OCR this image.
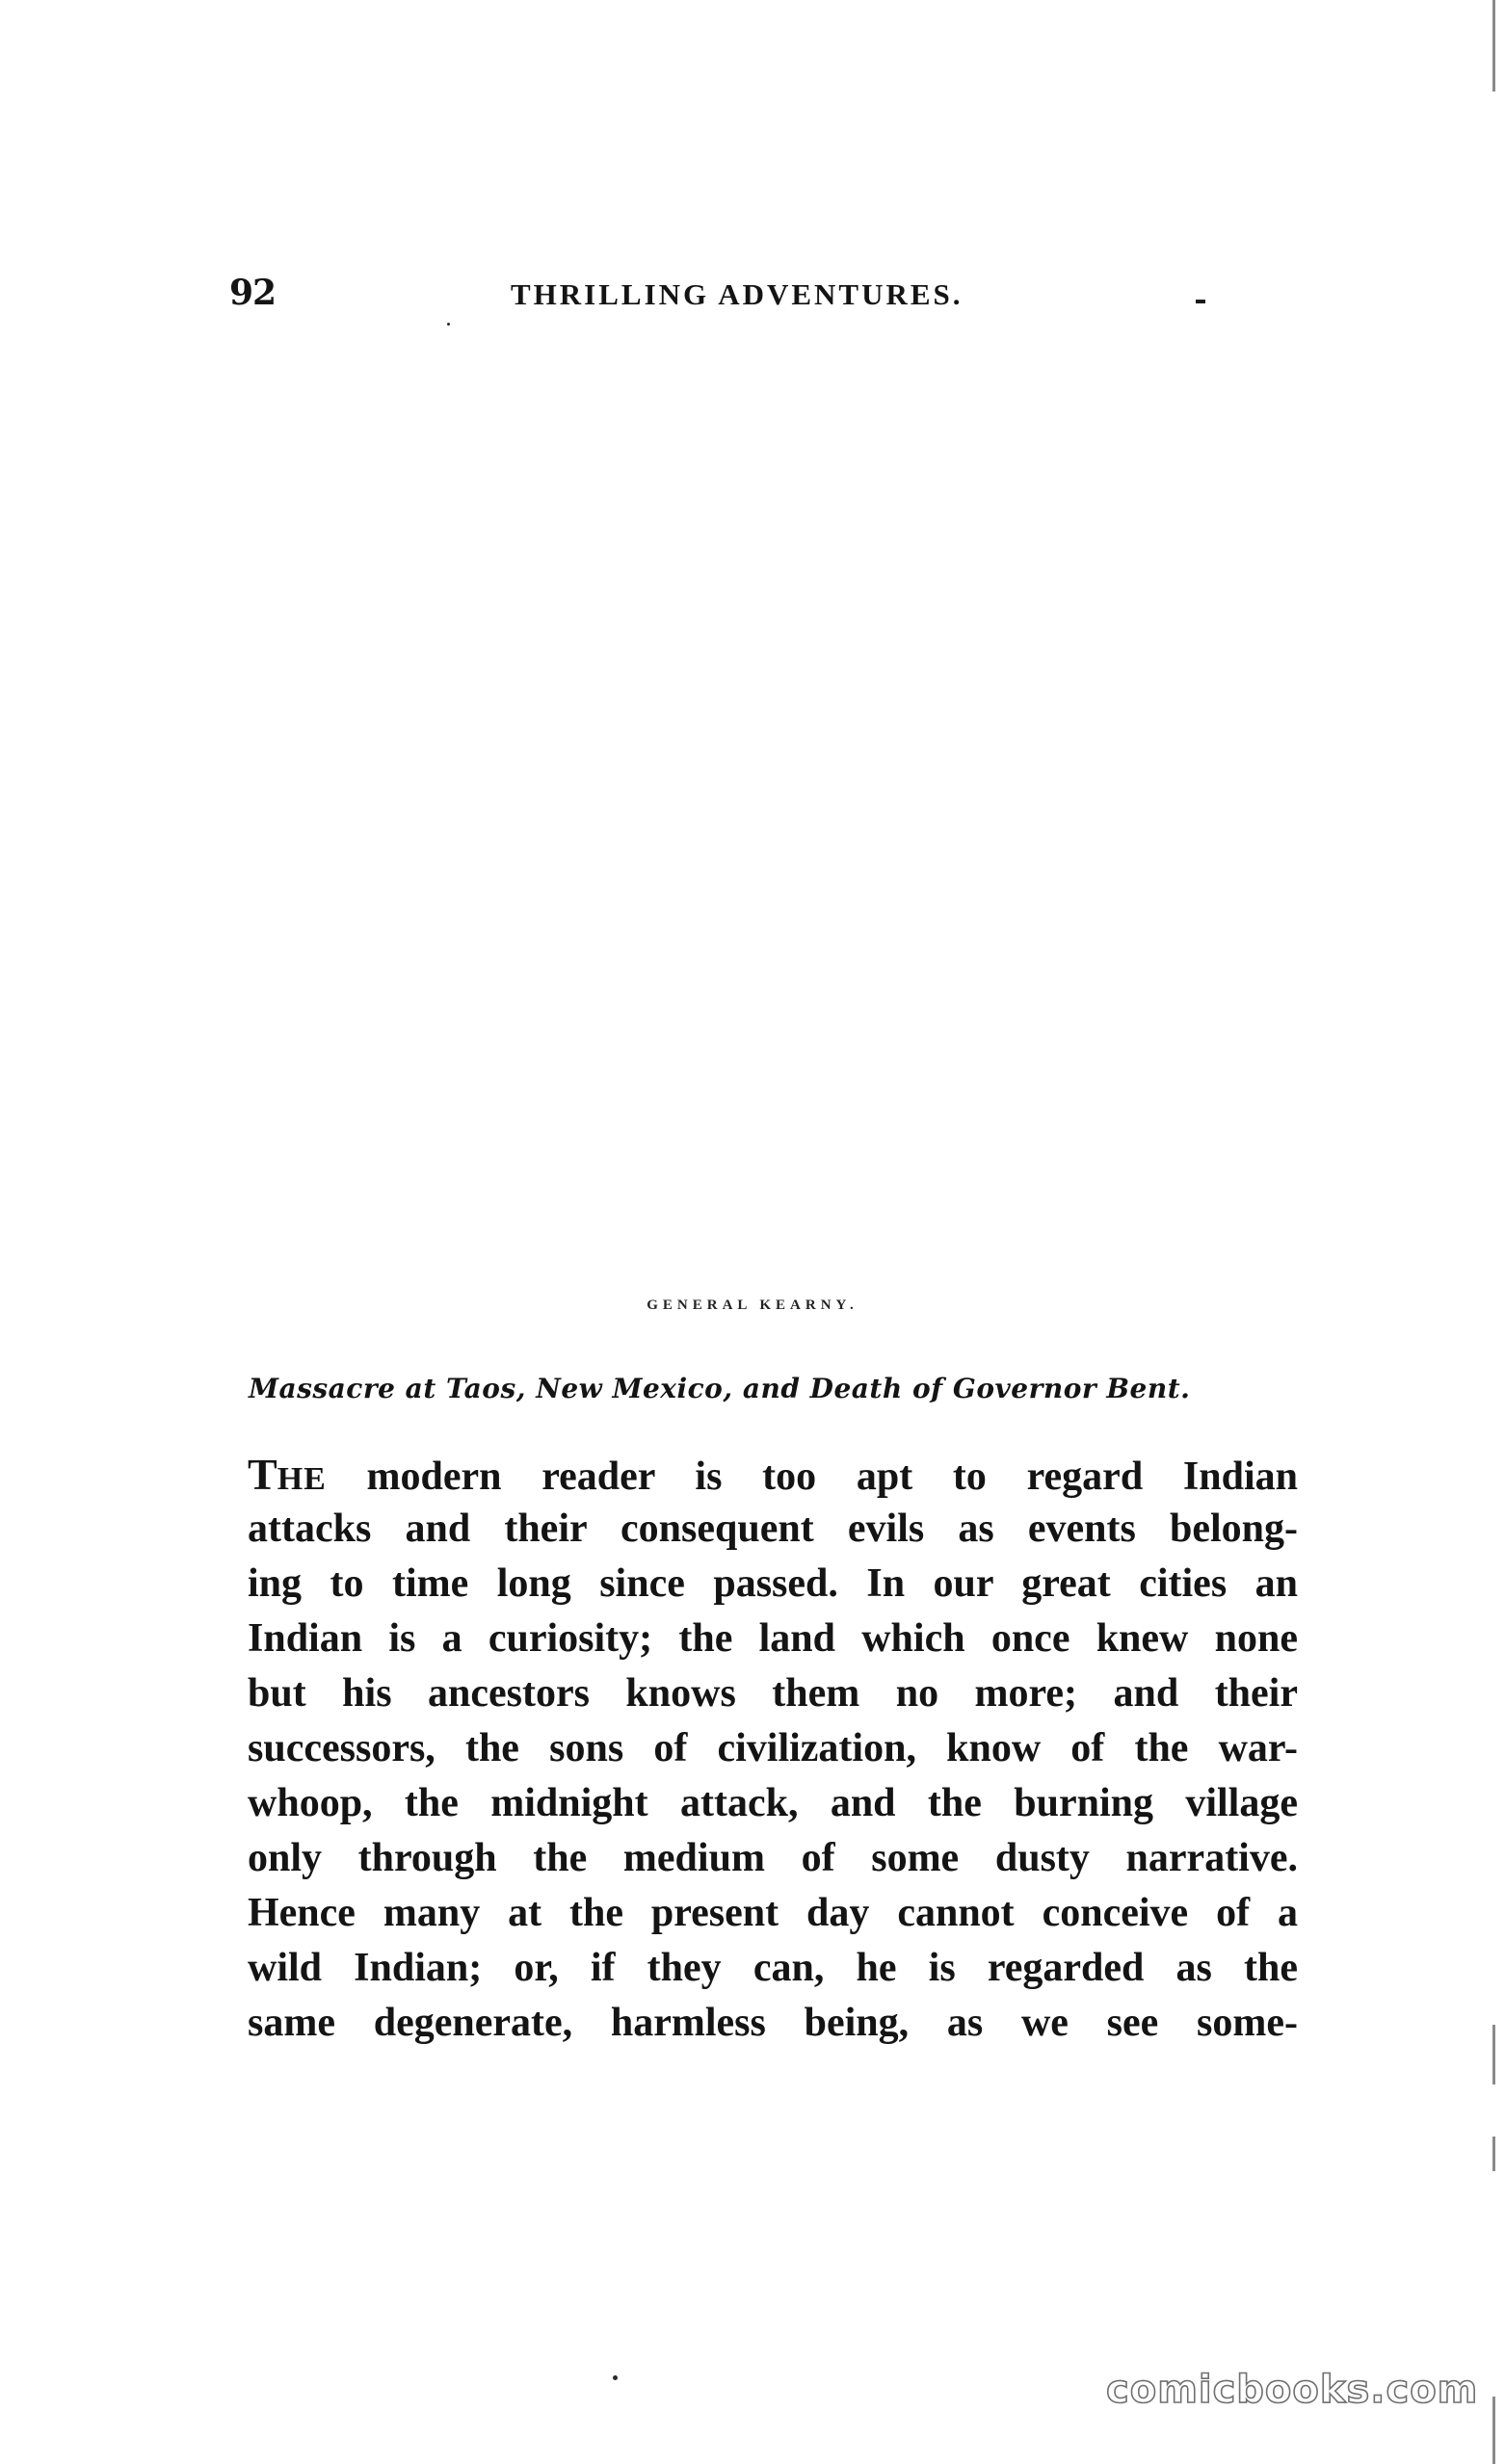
92	THRILLING ADVENTURES.
GENERAL KEARNY.
Massacre at Taos, New Mexico, and Death of Governor Bent.
THE modern reader is too apt to regard Indian
attacks and their consequent evils as events belong-
ing to time long since passed. In our great cities an
Indian is a curiosity; the land which once knew none
but his ancestors knows them no more; and their
successors, the sons of civilization, know of the war-
whoop, the midnight attack, and the burning village
only through the medium of some dusty narrative.
Hence many at the present day cannot conceive of a
wild Indian; or, if they can, he is regarded as the
same degenerate, harmless being, as we see some-
comicbooks.com
